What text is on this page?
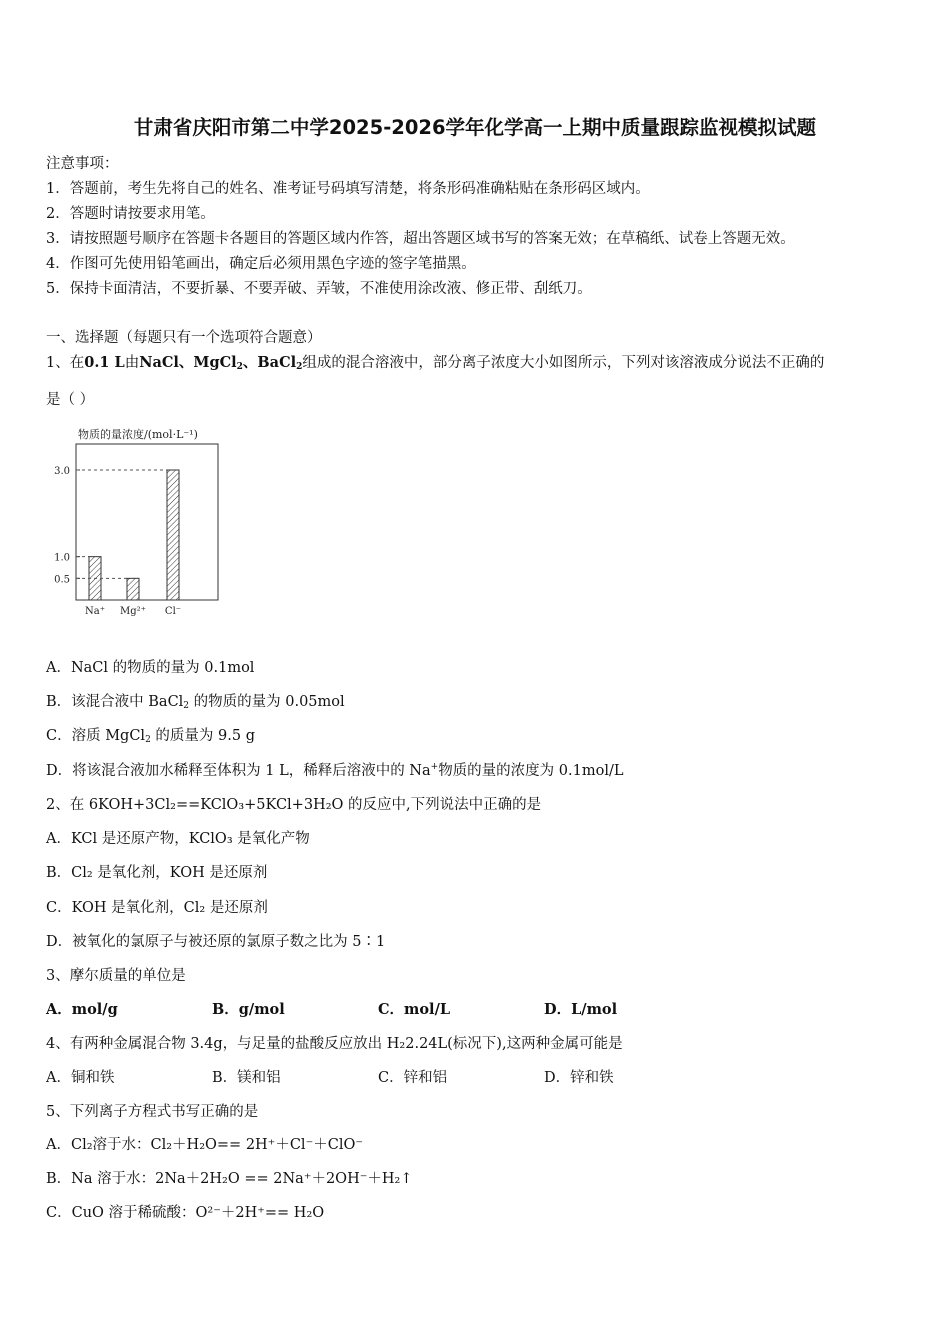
甘肃省庆阳市第二中学2025-2026学年化学高一上期中质量跟踪监视模拟试题
注意事项：
1．答题前，考生先将自己的姓名、准考证号码填写清楚，将条形码准确粘贴在条形码区域内。
2．答题时请按要求用笔。
3．请按照题号顺序在答题卡各题目的答题区域内作答，超出答题区域书写的答案无效；在草稿纸、试卷上答题无效。
4．作图可先使用铅笔画出，确定后必须用黑色字迹的签字笔描黑。
5．保持卡面清洁，不要折暴、不要弄破、弄皱，不准使用涂改液、修正带、刮纸刀。
一、选择题（每题只有一个选项符合题意）
1、在0.1 L由NaCl、MgCl$_2$、BaCl$_2$组成的混合溶液中，部分离子浓度大小如图所示，下列对该溶液成分说法不正确的
是（ ）
物质的量浓度/(mol·L⁻¹)
0.5
1.0
3.0
Na⁺ Mg²⁺ Cl⁻
A．NaCl 的物质的量为 0.1mol
B．该混合液中 BaCl$_2$ 的物质的量为 0.05mol
C．溶质 MgCl$_2$ 的质量为 9.5 g
D．将该混合液加水稀释至体积为 1 L，稀释后溶液中的 Na+物质的量的浓度为 0.1mol/L
2、在 6KOH+3Cl₂==KClO₃+5KCl+3H₂O 的反应中,下列说法中正确的是
A．KCl 是还原产物，KClO₃ 是氧化产物
B．Cl₂ 是氧化剂，KOH 是还原剂
C．KOH 是氧化剂，Cl₂ 是还原剂
D．被氧化的氯原子与被还原的氯原子数之比为 5∶1
3、摩尔质量的单位是
A．mol/g	B．g/mol	C．mol/L	D．L/mol
4、有两种金属混合物 3.4g，与足量的盐酸反应放出 H₂2.24L(标况下),这两种金属可能是
A．铜和铁	B．镁和铝	C．锌和铝	D．锌和铁
5、下列离子方程式书写正确的是
A．Cl₂溶于水：Cl₂＋H₂O== 2H⁺＋Cl⁻＋ClO⁻
B．Na 溶于水：2Na＋2H₂O == 2Na⁺＋2OH⁻＋H₂↑
C．CuO 溶于稀硫酸：O²⁻＋2H⁺== H₂O
